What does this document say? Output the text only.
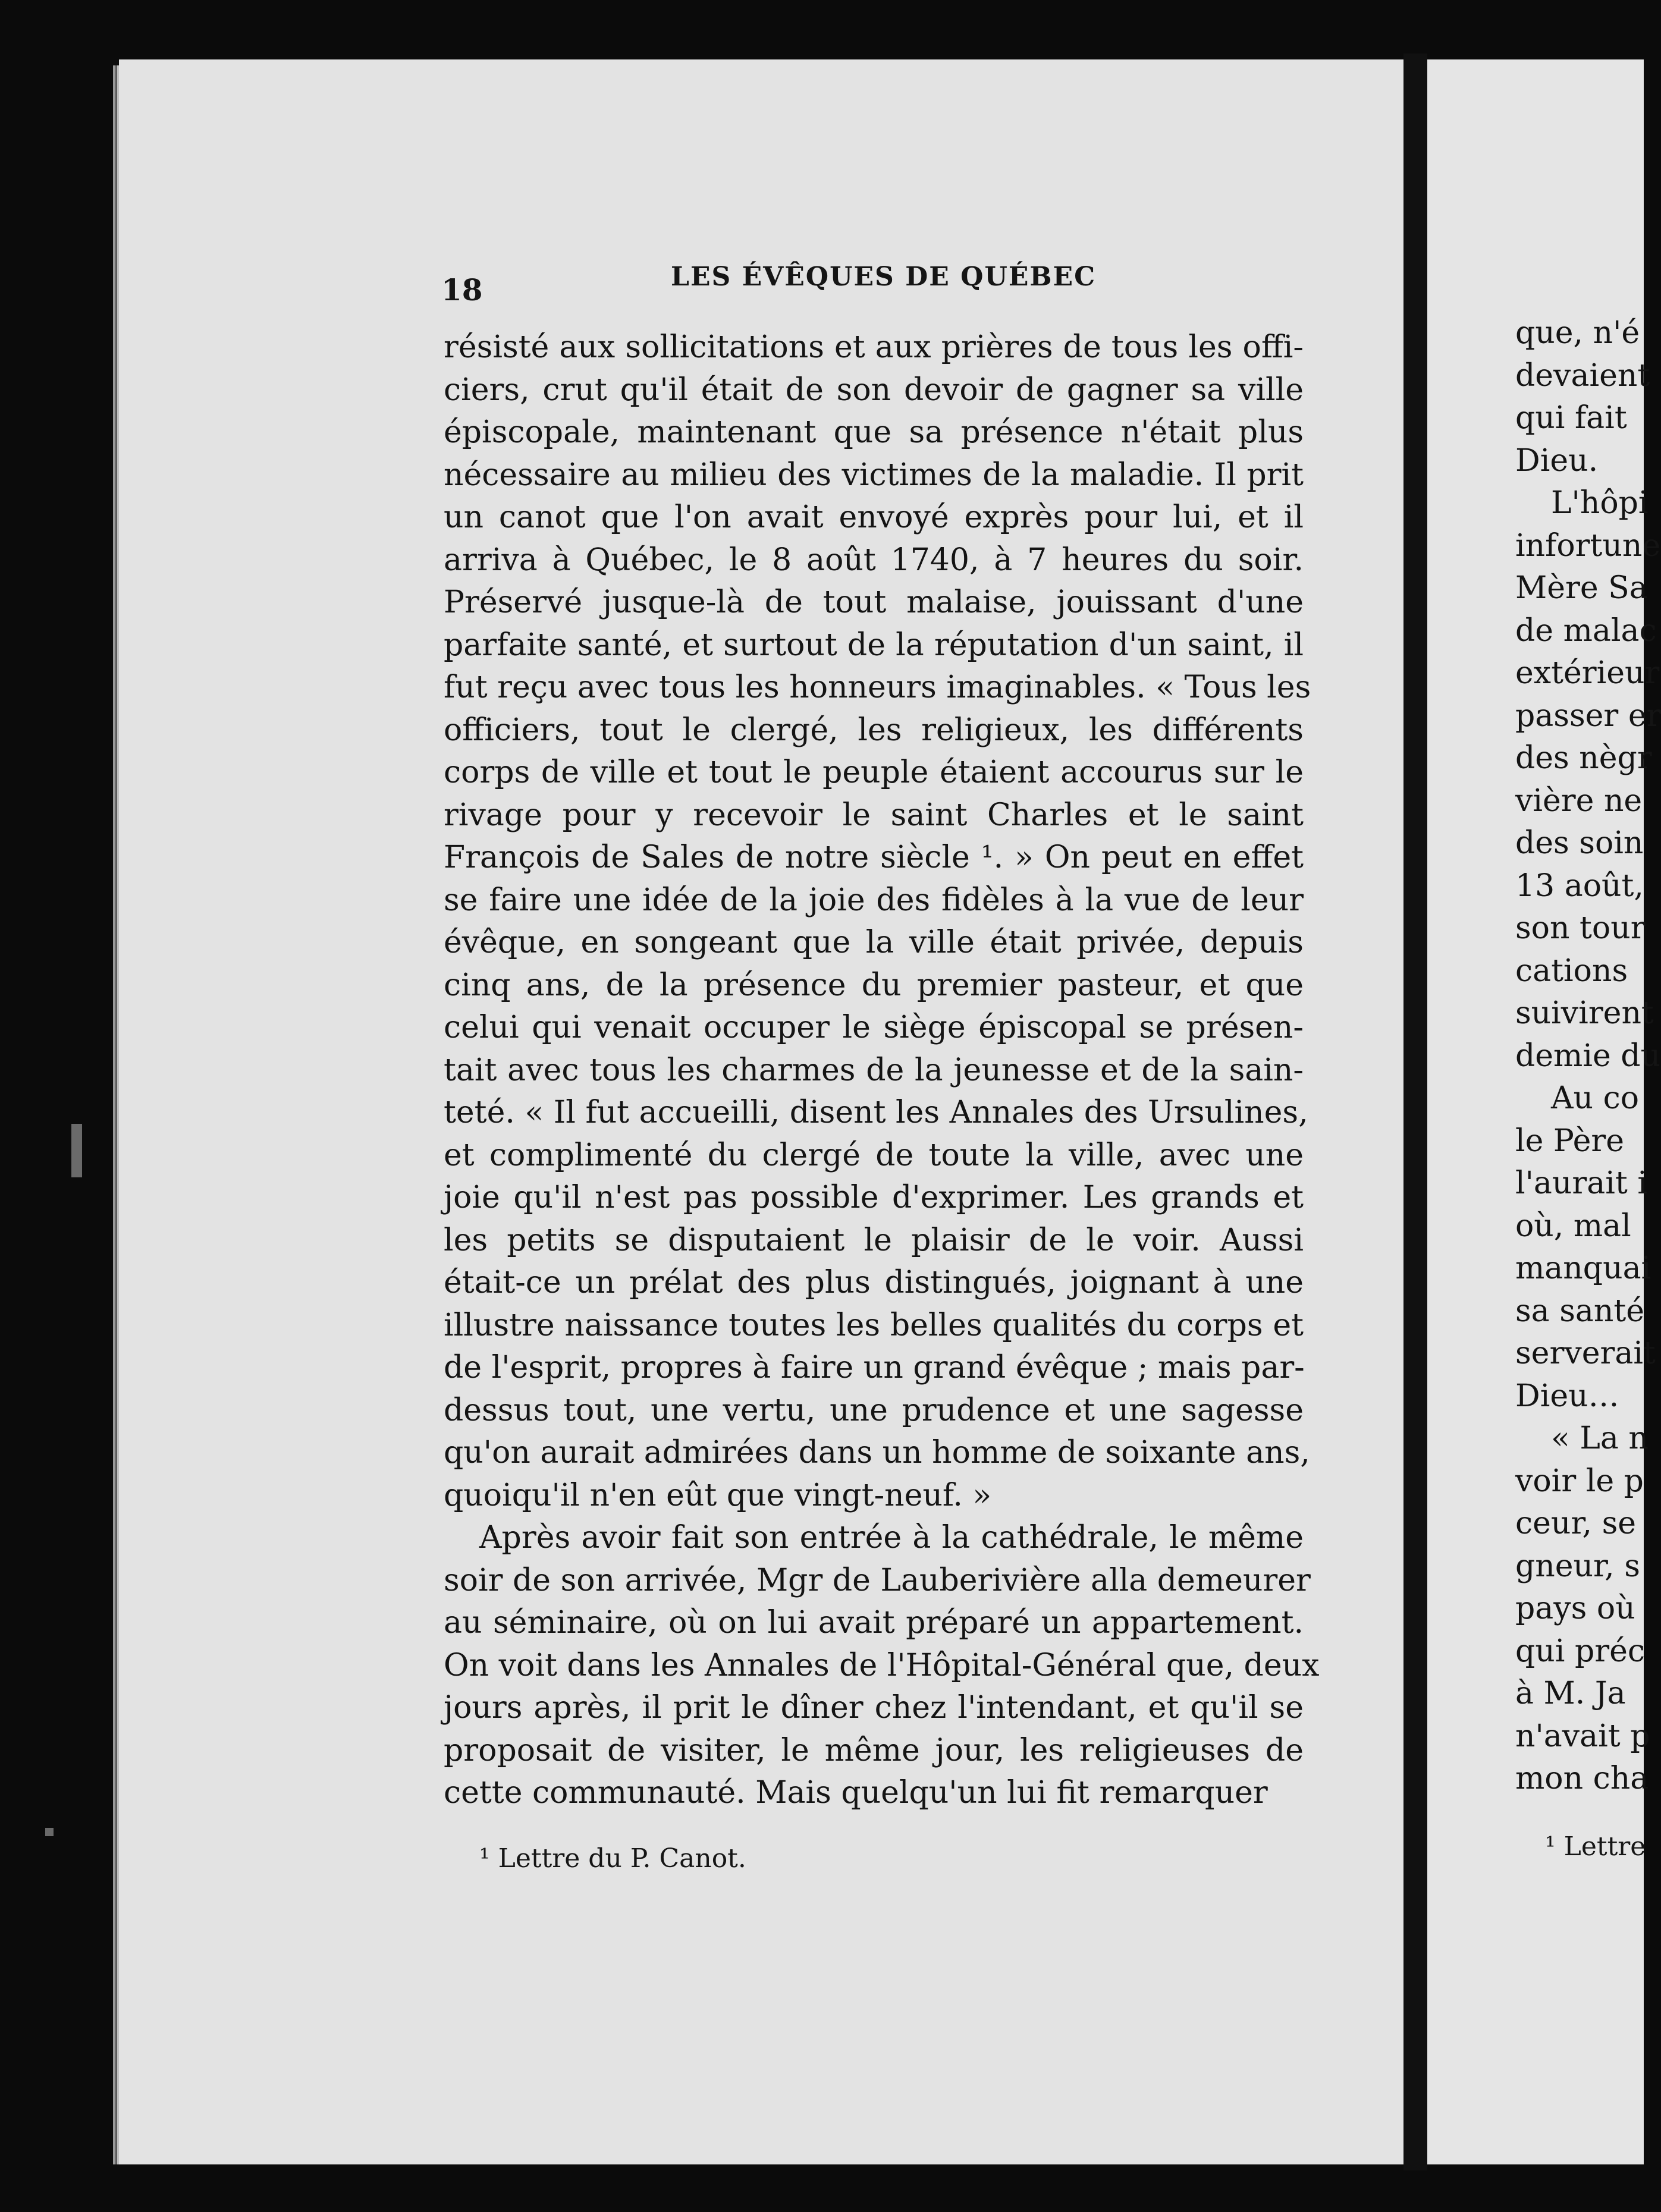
18	LES ÉVÊQUES DE QUÉBEC
résisté aux sollicitations et aux prières de tous les offi-
ciers, crut qu'il était de son devoir de gagner sa ville
épiscopale, maintenant que sa présence n'était plus
nécessaire au milieu des victimes de la maladie. Il prit
un canot que l'on avait envoyé exprès pour lui, et il
arriva à Québec, le 8 août 1740, à 7 heures du soir.
Préservé jusque-là de tout malaise, jouissant d'une
parfaite santé, et surtout de la réputation d'un saint, il
fut reçu avec tous les honneurs imaginables. « Tous les
officiers, tout le clergé, les religieux, les différents
corps de ville et tout le peuple étaient accourus sur le
rivage pour y recevoir le saint Charles et le saint
François de Sales de notre siècle ¹. » On peut en effet
se faire une idée de la joie des fidèles à la vue de leur
évêque, en songeant que la ville était privée, depuis
cinq ans, de la présence du premier pasteur, et que
celui qui venait occuper le siège épiscopal se présen-
tait avec tous les charmes de la jeunesse et de la sain-
teté. « Il fut accueilli, disent les Annales des Ursulines,
et complimenté du clergé de toute la ville, avec une
joie qu'il n'est pas possible d'exprimer. Les grands et
les petits se disputaient le plaisir de le voir. Aussi
était-ce un prélat des plus distingués, joignant à une
illustre naissance toutes les belles qualités du corps et
de l'esprit, propres à faire un grand évêque ; mais par-
dessus tout, une vertu, une prudence et une sagesse
qu'on aurait admirées dans un homme de soixante ans,
quoiqu'il n'en eût que vingt-neuf. »
Après avoir fait son entrée à la cathédrale, le même
soir de son arrivée, Mgr de Lauberivière alla demeurer
au séminaire, où on lui avait préparé un appartement.
On voit dans les Annales de l'Hôpital-Général que, deux
jours après, il prit le dîner chez l'intendant, et qu'il se
proposait de visiter, le même jour, les religieuses de
cette communauté. Mais quelqu'un lui fit remarquer
¹ Lettre du P. Canot.
que, n'é
devaient
qui fait
Dieu.
L'hôpi
infortune
Mère Sa
de malac
extérieur
passer er
des nègr
vière ne
des soin
13 août,
son tour
cations
suivirent
demie du
Au co
le Père
l'aurait i
où, mal
manquai
sa santé
serverait
Dieu…
« La n
voir le p
ceur, se
gneur, s
pays où
qui préc
à M. Ja
n'avait p
mon cha
¹ Lettre
